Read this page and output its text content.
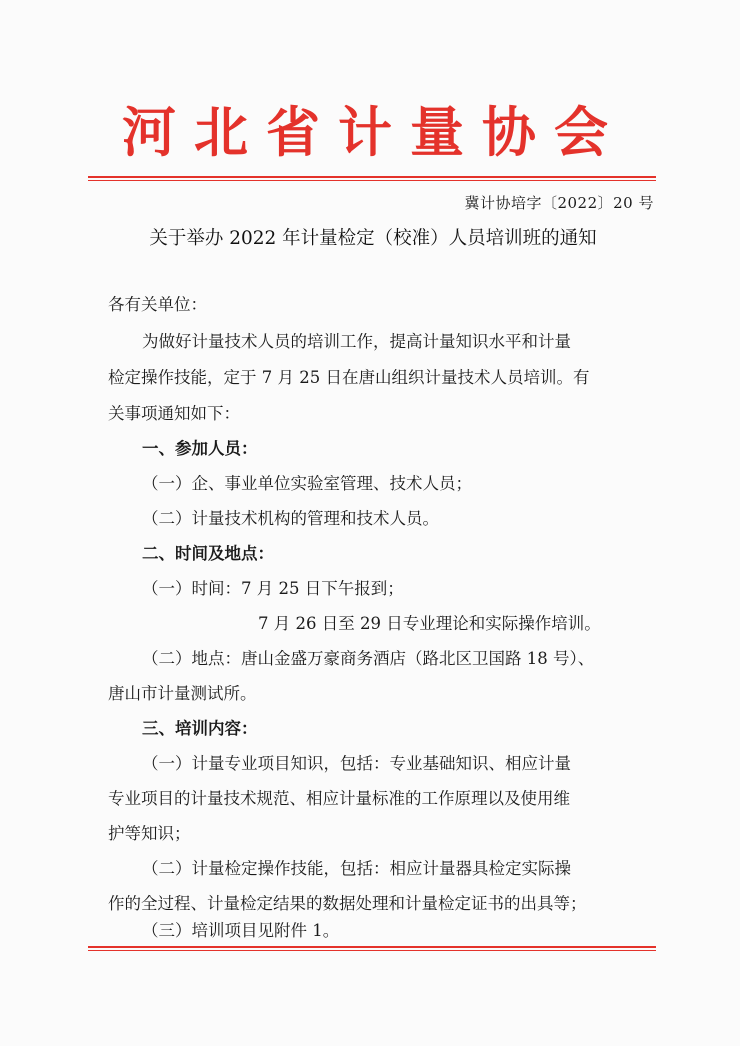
河北省计量协会
冀计协培字〔2022〕20 号
关于举办 2022 年计量检定（校准）人员培训班的通知
各有关单位：
为做好计量技术人员的培训工作，提高计量知识水平和计量
检定操作技能，定于 7 月 25 日在唐山组织计量技术人员培训。有
关事项通知如下：
一、参加人员：
（一）企、事业单位实验室管理、技术人员；
（二）计量技术机构的管理和技术人员。
二、时间及地点：
（一）时间：7 月 25 日下午报到；
7 月 26 日至 29 日专业理论和实际操作培训。
（二）地点：唐山金盛万豪商务酒店（路北区卫国路 18 号）、
唐山市计量测试所。
三、培训内容：
（一）计量专业项目知识，包括：专业基础知识、相应计量
专业项目的计量技术规范、相应计量标准的工作原理以及使用维
护等知识；
（二）计量检定操作技能，包括：相应计量器具检定实际操
作的全过程、计量检定结果的数据处理和计量检定证书的出具等；
（三）培训项目见附件 1。
